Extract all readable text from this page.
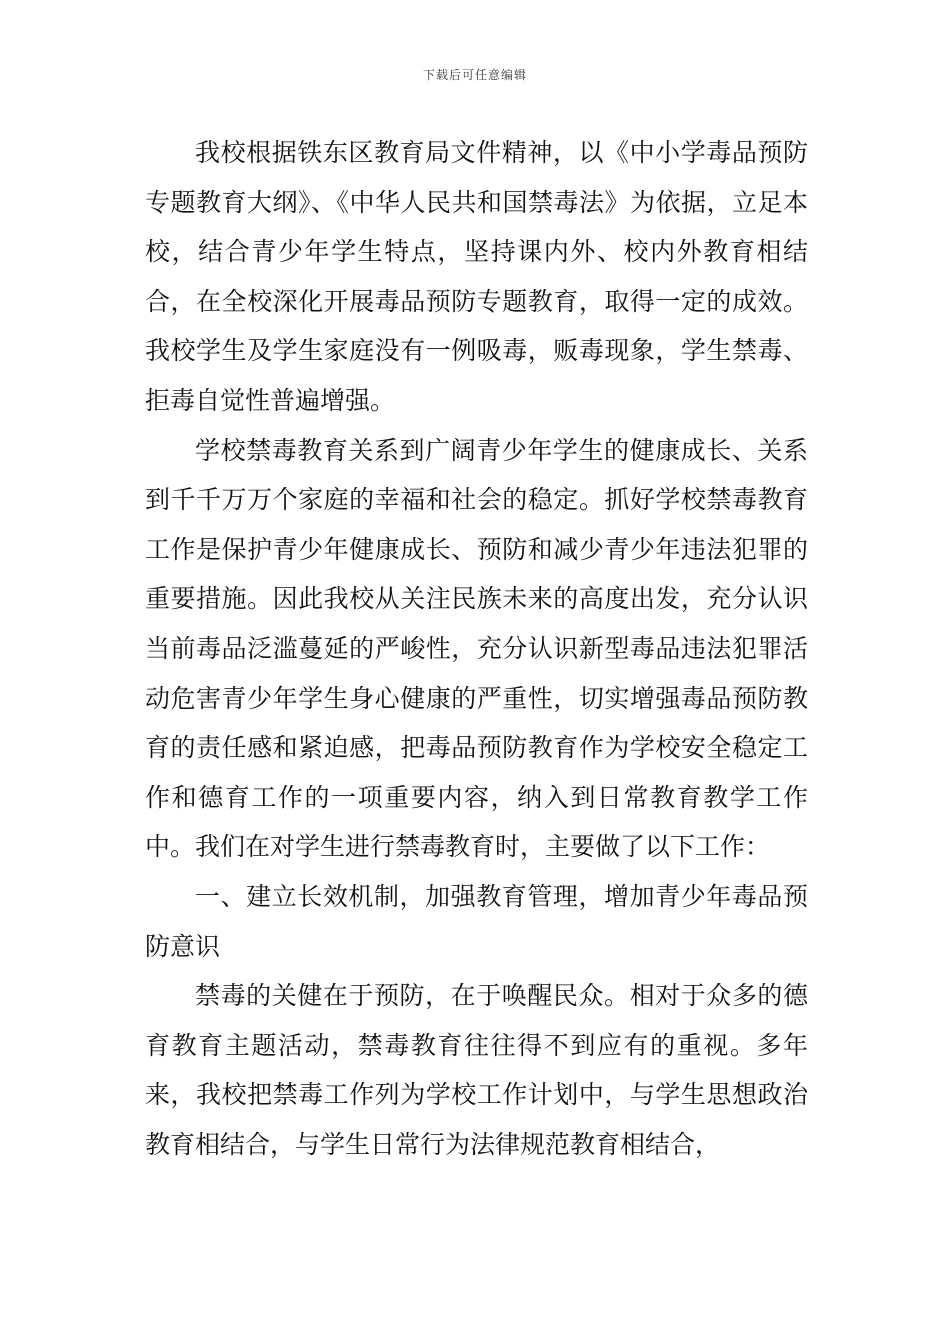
下载后可任意编辑

我校根据铁东区教育局文件精神，以《中小学毒品预防专题教育大纲》、《中华人民共和国禁毒法》为依据，立足本校，结合青少年学生特点，坚持课内外、校内外教育相结合，在全校深化开展毒品预防专题教育，取得一定的成效。我校学生及学生家庭没有一例吸毒，贩毒现象，学生禁毒、拒毒自觉性普遍增强。

学校禁毒教育关系到广阔青少年学生的健康成长、关系到千千万万个家庭的幸福和社会的稳定。抓好学校禁毒教育工作是保护青少年健康成长、预防和减少青少年违法犯罪的重要措施。因此我校从关注民族未来的高度出发，充分认识当前毒品泛滥蔓延的严峻性，充分认识新型毒品违法犯罪活动危害青少年学生身心健康的严重性，切实增强毒品预防教育的责任感和紧迫感，把毒品预防教育作为学校安全稳定工作和德育工作的一项重要内容，纳入到日常教育教学工作中。我们在对学生进行禁毒教育时，主要做了以下工作：

一、建立长效机制，加强教育管理，增加青少年毒品预防意识

禁毒的关健在于预防，在于唤醒民众。相对于众多的德育教育主题活动，禁毒教育往往得不到应有的重视。多年来，我校把禁毒工作列为学校工作计划中，与学生思想政治教育相结合，与学生日常行为法律规范教育相结合，
